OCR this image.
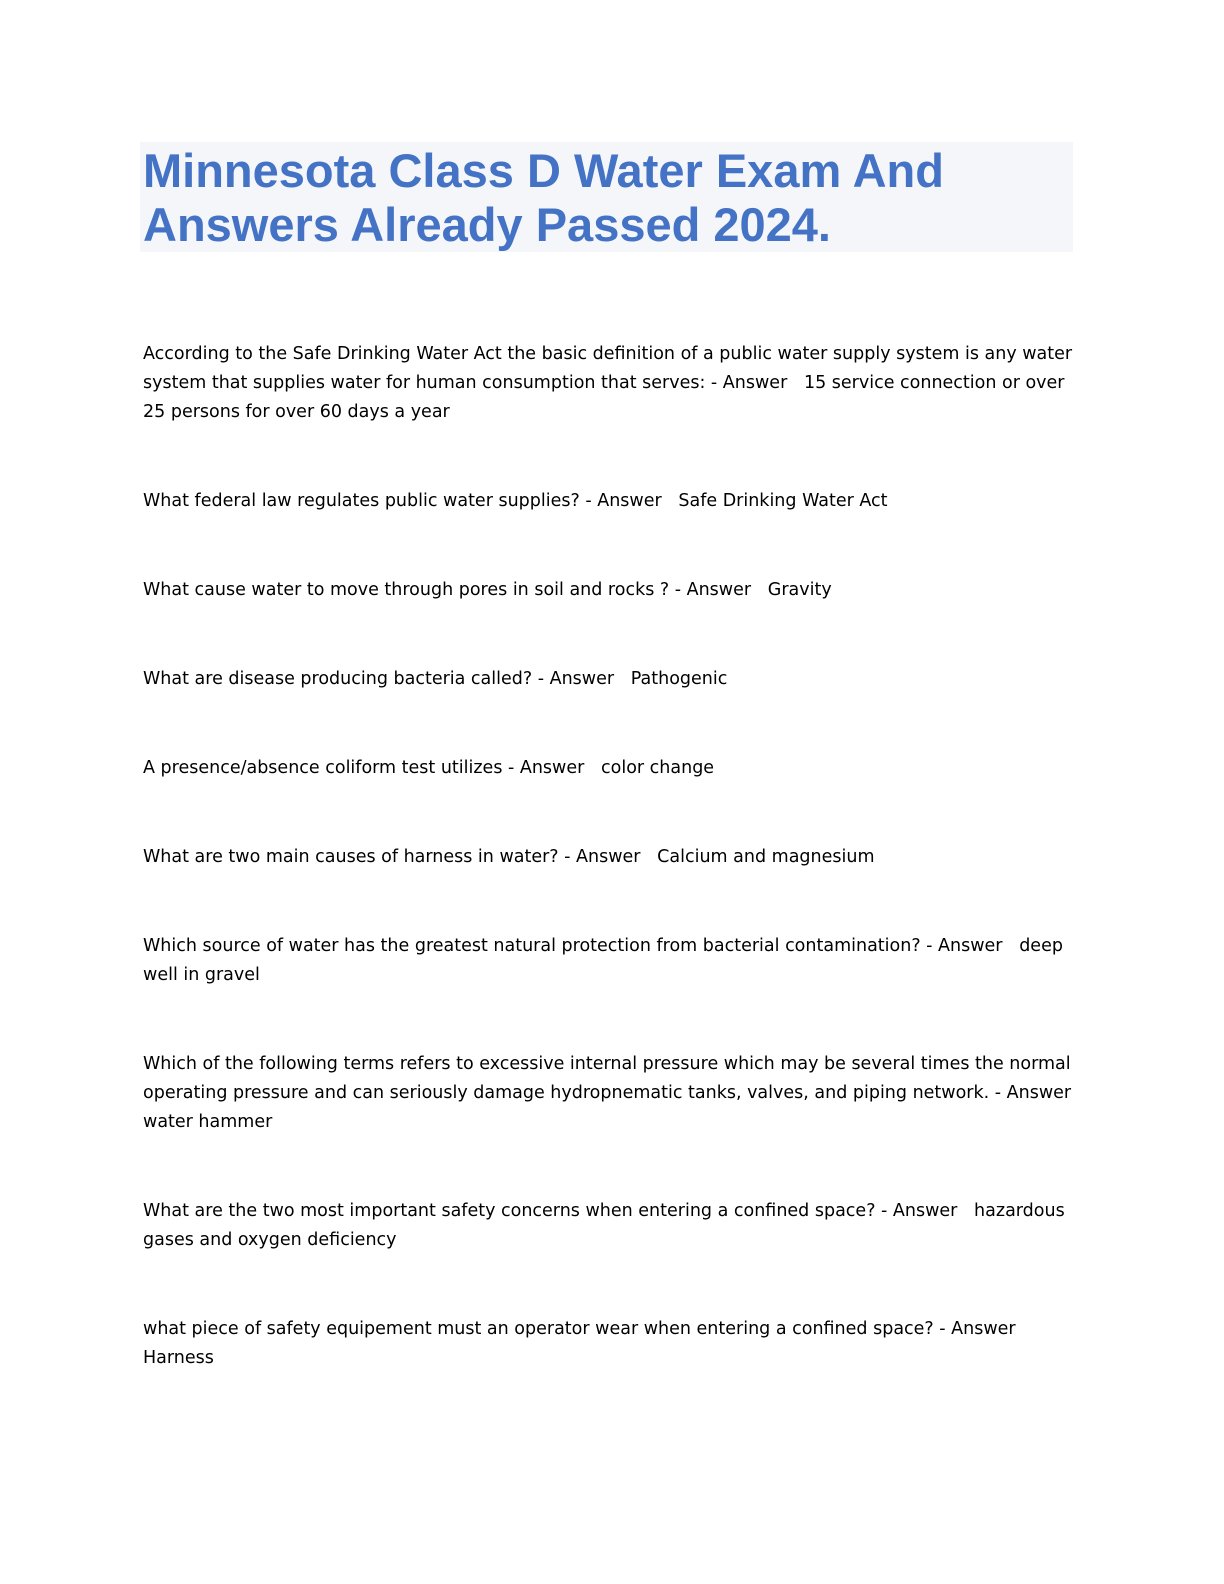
Minnesota Class D Water Exam And Answers Already Passed 2024.

According to the Safe Drinking Water Act the basic definition of a public water supply system is any water system that supplies water for human consumption that serves: - Answer   15 service connection or over 25 persons for over 60 days a year

What federal law regulates public water supplies? - Answer   Safe Drinking Water Act

What cause water to move through pores in soil and rocks ? - Answer   Gravity

What are disease producing bacteria called? - Answer   Pathogenic

A presence/absence coliform test utilizes - Answer   color change

What are two main causes of harness in water? - Answer   Calcium and magnesium

Which source of water has the greatest natural protection from bacterial contamination? - Answer   deep well in gravel

Which of the following terms refers to excessive internal pressure which may be several times the normal operating pressure and can seriously damage hydropnematic tanks, valves, and piping network. - Answer   water hammer

What are the two most important safety concerns when entering a confined space? - Answer   hazardous gases and oxygen deficiency

what piece of safety equipement must an operator wear when entering a confined space? - Answer   Harness
